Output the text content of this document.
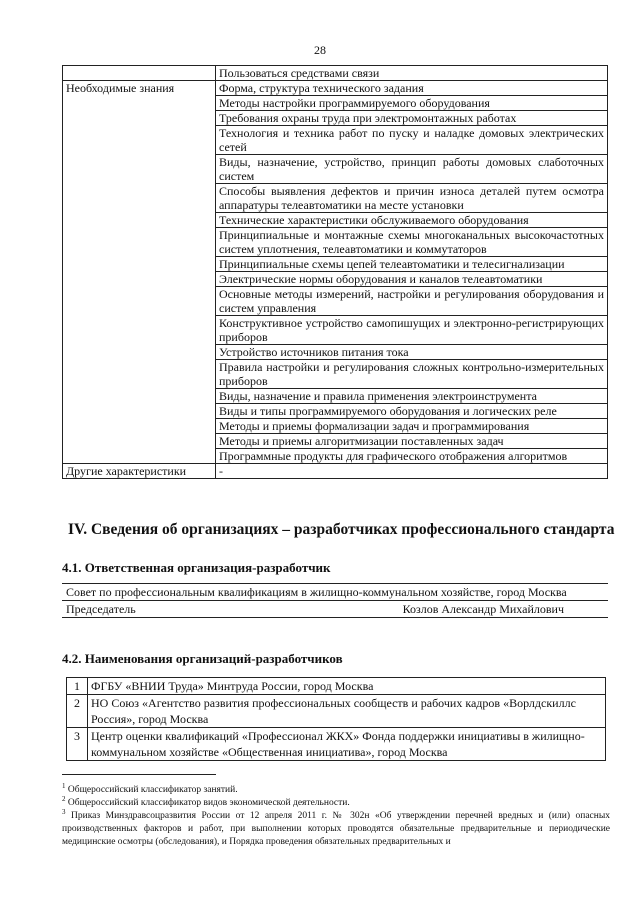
28
	Пользоваться средствами связи
Необходимые знания	Форма, структура технического задания
	Методы настройки программируемого оборудования
	Требования охраны труда при электромонтажных работах
	Технология и техника работ по пуску и наладке домовых электрических сетей
	Виды, назначение, устройство, принцип работы домовых слаботочных систем
	Способы выявления дефектов и причин износа деталей путем осмотра аппаратуры телеавтоматики на месте установки
	Технические характеристики обслуживаемого оборудования
	Принципиальные и монтажные схемы многоканальных высокочастотных систем уплотнения, телеавтоматики и коммутаторов
	Принципиальные схемы цепей телеавтоматики и телесигнализации
	Электрические нормы оборудования и каналов телеавтоматики
	Основные методы измерений, настройки и регулирования оборудования и систем управления
	Конструктивное устройство самопишущих и электронно-регистрирующих приборов
	Устройство источников питания тока
	Правила настройки и регулирования сложных контрольно-измерительных приборов
	Виды, назначение и правила применения электроинструмента
	Виды и типы программируемого оборудования и логических реле
	Методы и приемы формализации задач и программирования
	Методы и приемы алгоритмизации поставленных задач
	Программные продукты для графического отображения алгоритмов
Другие характеристики	-
IV. Сведения об организациях – разработчиках профессионального стандарта
4.1. Ответственная организация-разработчик
Совет по профессиональным квалификациям в жилищно-коммунальном хозяйстве, город Москва
Председатель	Козлов Александр Михайлович
4.2. Наименования организаций-разработчиков
1	ФГБУ «ВНИИ Труда» Минтруда России, город Москва
2	НО Союз «Агентство развития профессиональных сообществ и рабочих кадров «Ворлдскиллс Россия», город Москва
3	Центр оценки квалификаций «Профессионал ЖКХ» Фонда поддержки инициативы в жилищно-коммунальном хозяйстве «Общественная инициатива», город Москва
$^1$ Общероссийский классификатор занятий.
$^2$ Общероссийский классификатор видов экономической деятельности.
$^3$ Приказ Минздравсоцразвития России от 12 апреля 2011 г. № 302н «Об утверждении перечней вредных и (или) опасных производственных факторов и работ, при выполнении которых проводятся обязательные предварительные и периодические медицинские осмотры (обследования), и Порядка проведения обязательных предварительных и
